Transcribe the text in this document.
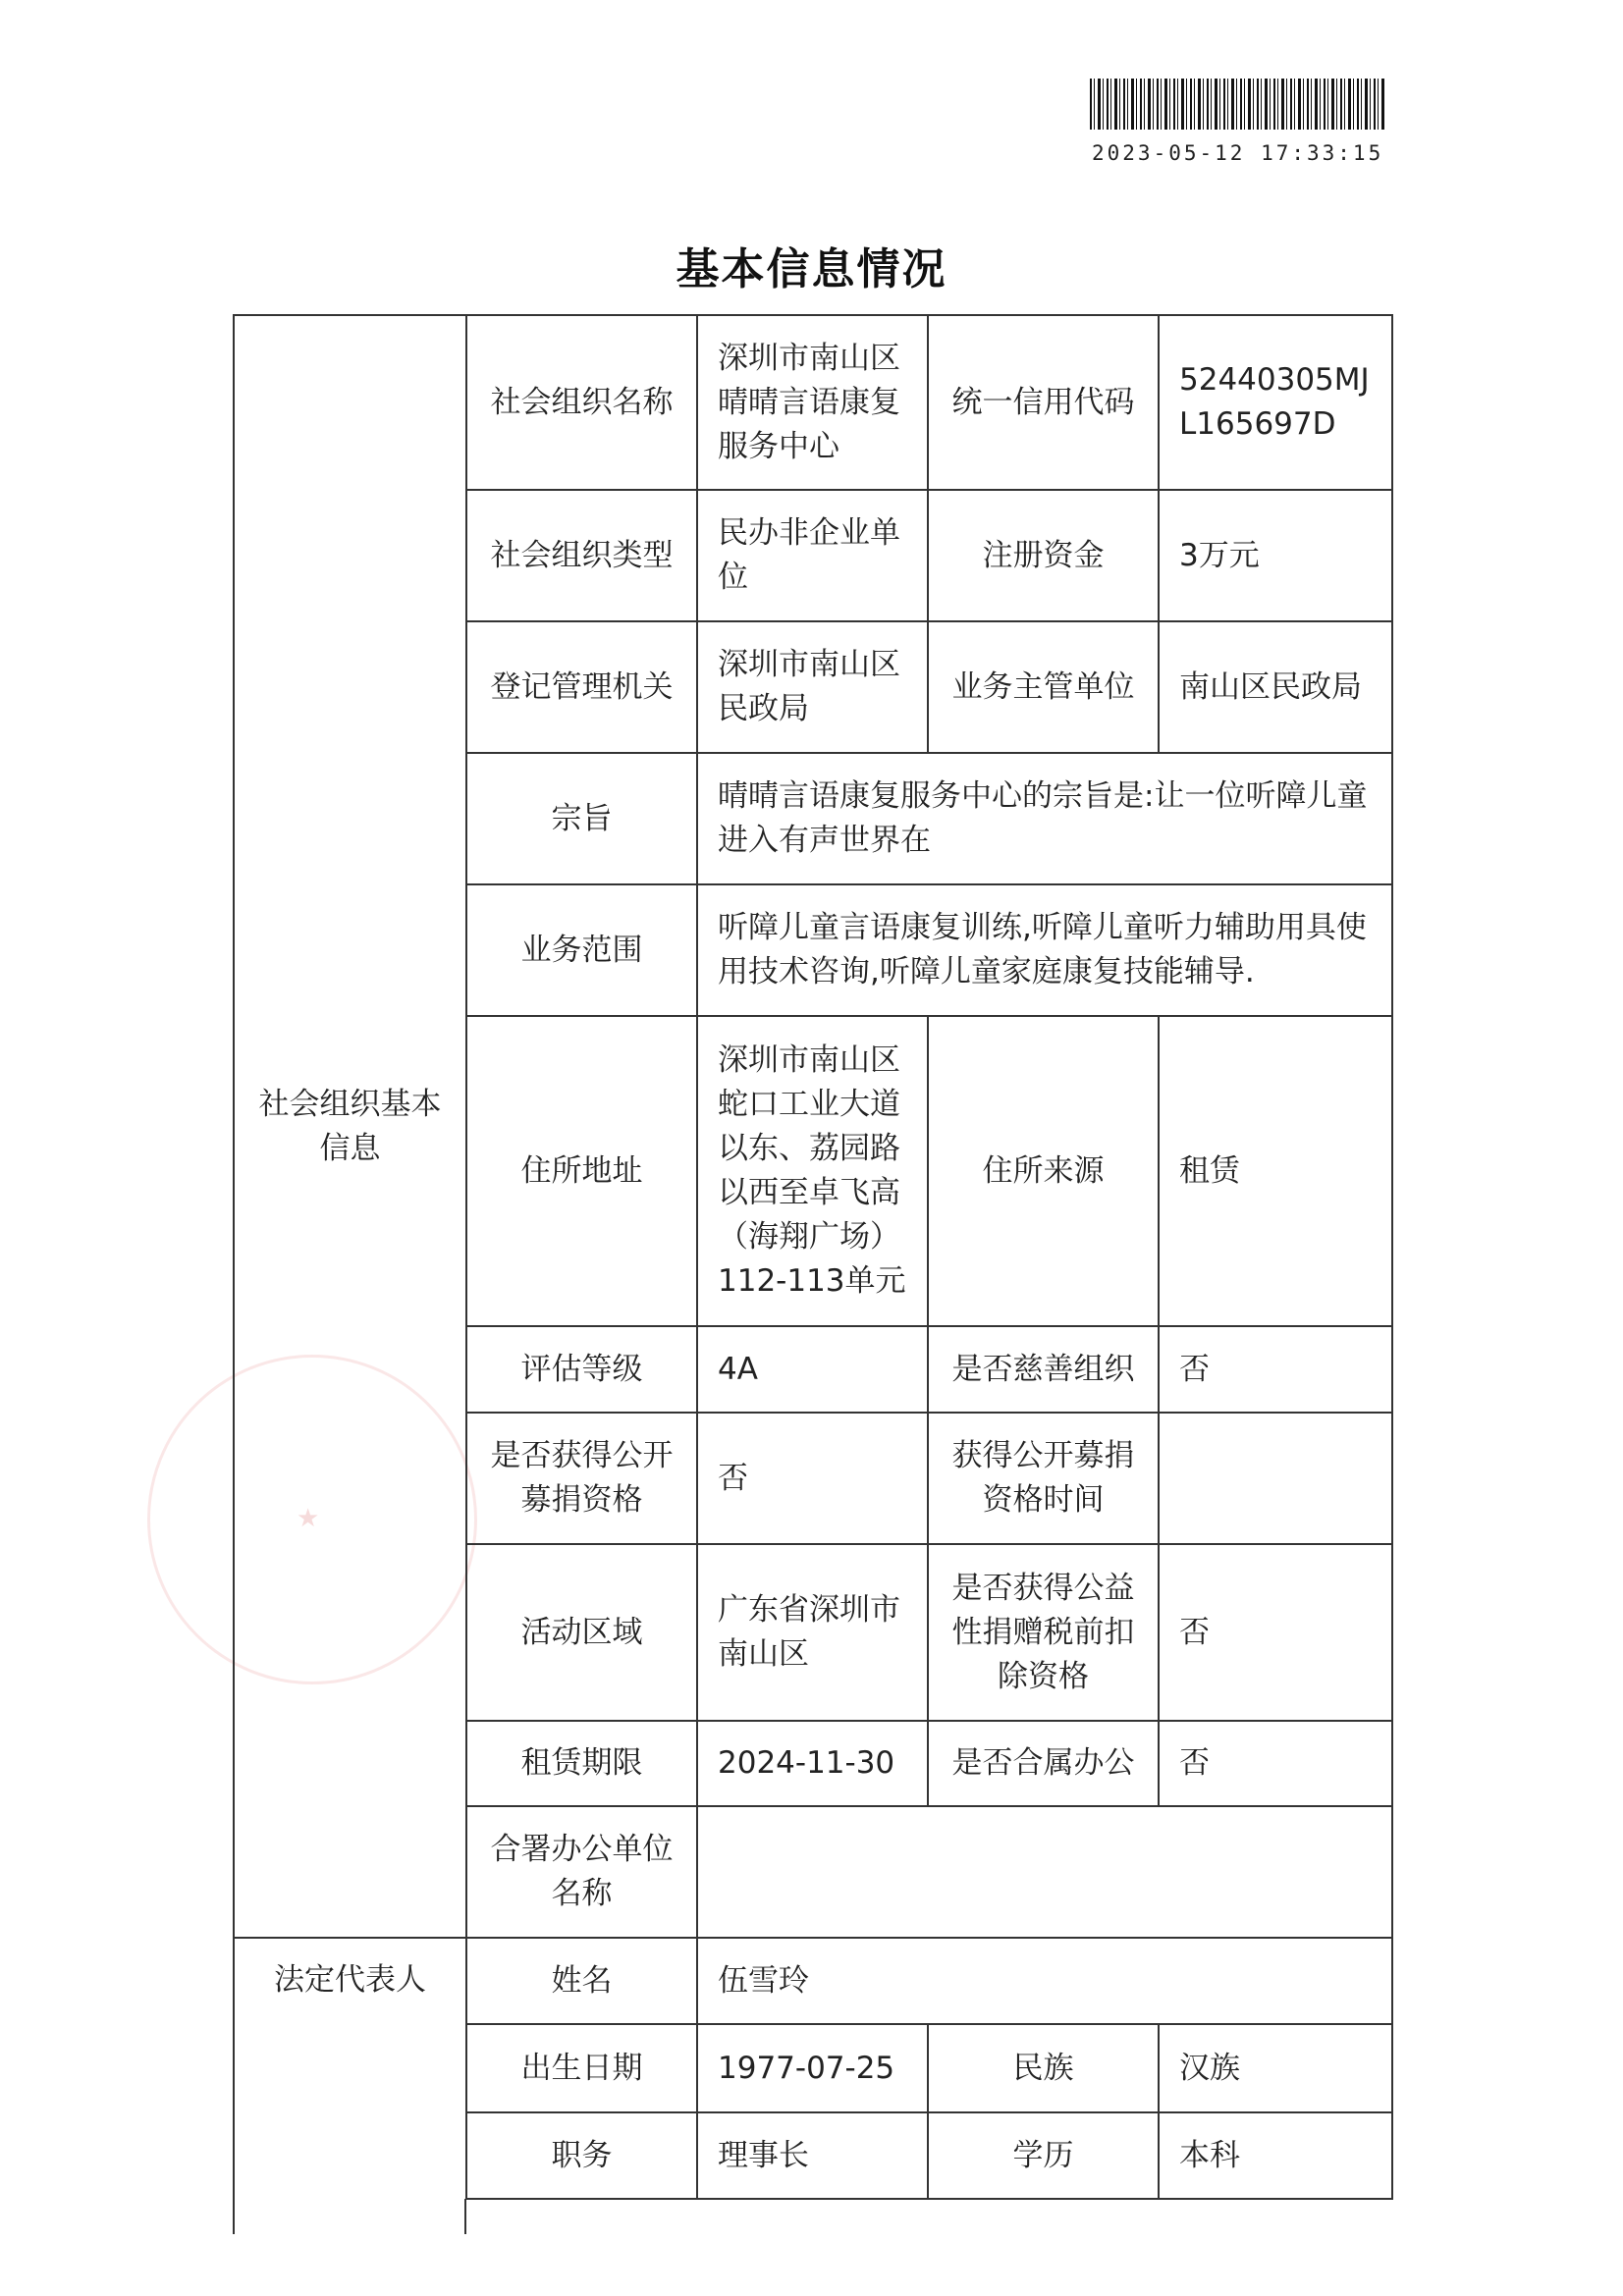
2023-05-12 17:33:15
基本信息情况
★
社会组织基本信息	社会组织名称	深圳市南山区晴晴言语康复服务中心	统一信用代码	52440305MJL165697D
	社会组织类型	民办非企业单位	注册资金	3万元
	登记管理机关	深圳市南山区民政局	业务主管单位	南山区民政局
	宗旨	晴晴言语康复服务中心的宗旨是:让一位听障儿童进入有声世界在		
	业务范围	听障儿童言语康复训练,听障儿童听力辅助用具使用技术咨询,听障儿童家庭康复技能辅导.		
	住所地址	深圳市南山区蛇口工业大道以东、荔园路以西至卓飞高（海翔广场）112-113单元	住所来源	租赁
	评估等级	4A	是否慈善组织	否
	是否获得公开募捐资格	否	获得公开募捐资格时间	
	活动区域	广东省深圳市南山区	是否获得公益性捐赠税前扣除资格	否
	租赁期限	2024-11-30	是否合属办公	否
	合署办公单位名称			

法定代表人	姓名	伍雪玲		
	出生日期	1977-07-25	民族	汉族
	职务	理事长	学历	本科
